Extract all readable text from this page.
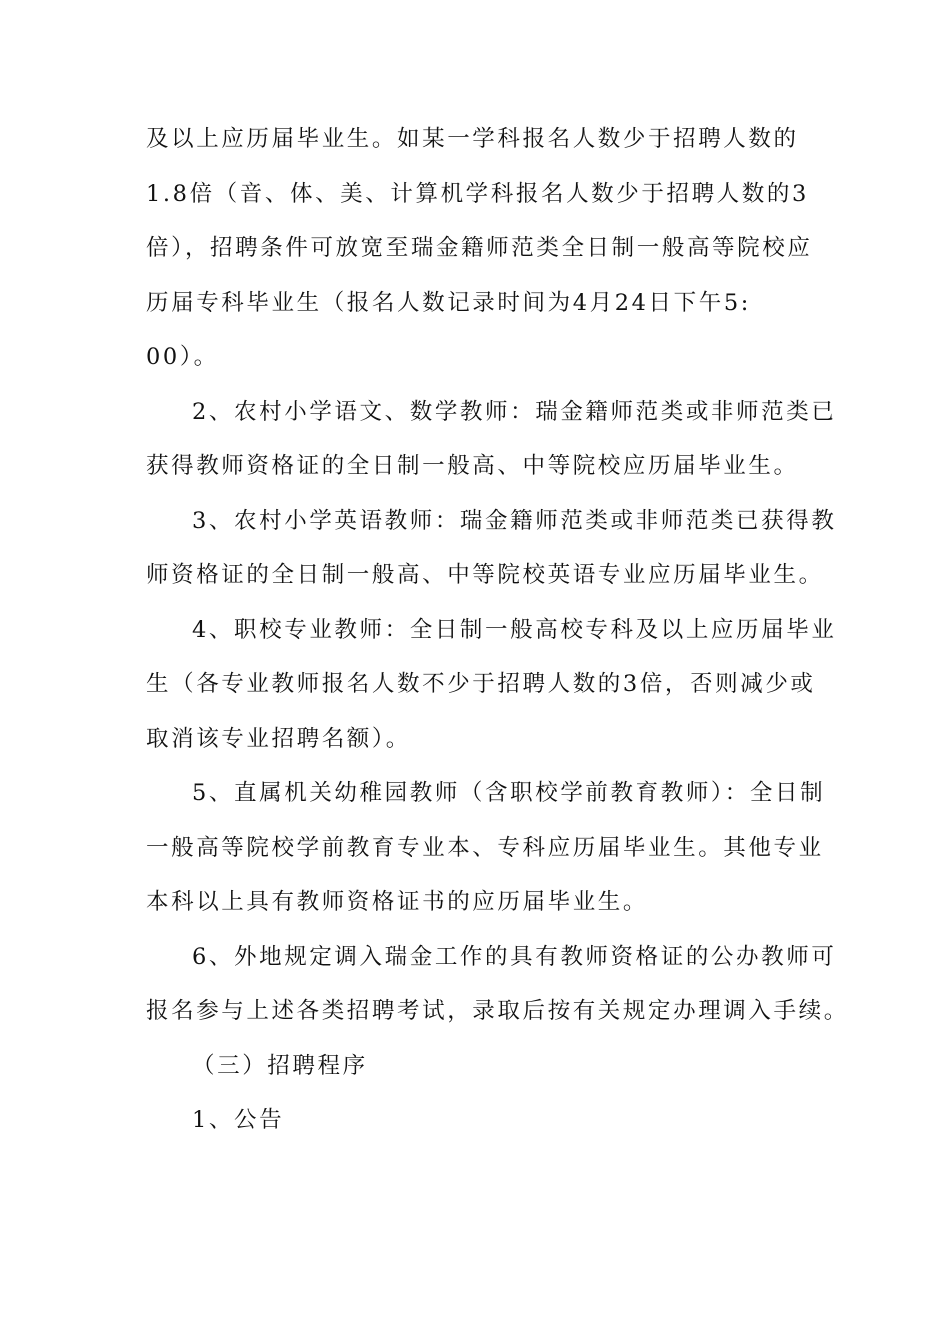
及以上应历届毕业生。如某一学科报名人数少于招聘人数的
1.8倍（音、体、美、计算机学科报名人数少于招聘人数的3
倍），招聘条件可放宽至瑞金籍师范类全日制一般高等院校应
历届专科毕业生（报名人数记录时间为4月24日下午5:
00）。
2、农村小学语文、数学教师：瑞金籍师范类或非师范类已
获得教师资格证的全日制一般高、中等院校应历届毕业生。
3、农村小学英语教师：瑞金籍师范类或非师范类已获得教
师资格证的全日制一般高、中等院校英语专业应历届毕业生。
4、职校专业教师：全日制一般高校专科及以上应历届毕业
生（各专业教师报名人数不少于招聘人数的3倍，否则减少或
取消该专业招聘名额）。
5、直属机关幼稚园教师（含职校学前教育教师）：全日制
一般高等院校学前教育专业本、专科应历届毕业生。其他专业
本科以上具有教师资格证书的应历届毕业生。
6、外地规定调入瑞金工作的具有教师资格证的公办教师可
报名参与上述各类招聘考试，录取后按有关规定办理调入手续。
（三）招聘程序
1、公告
